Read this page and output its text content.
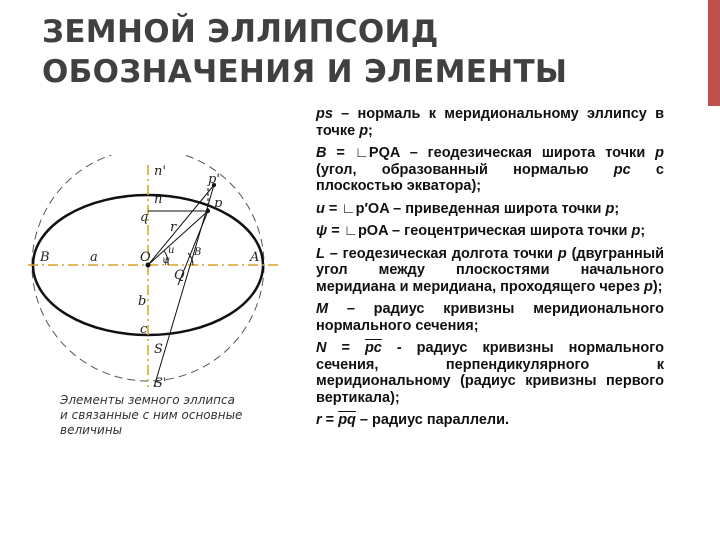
ЗЕМНОЙ ЭЛЛИПСОИД
ОБОЗНАЧЕНИЯ И ЭЛЕМЕНТЫ
n'
n
q
r
p'
p
B	a	O ψ
u B	A
Q
b
c
S
S'
Элементы земного эллипса
и связанные с ним основные величины
ps – нормаль к меридиональному эллипсу в точке p;
B = ∟PQA – геодезическая широта точки p (угол, образованный нормалью pc с плоскостью экватора);
u = ∟p′OA – приведенная широта точки p;
ψ = ∟pOA – геоцентрическая широта точки p;
L – геодезическая долгота точки p (двугранный угол между плоскостями начального меридиана и меридиана, проходящего через p);
M – радиус кривизны меридионального нормального сечения;
$N = \overline{pc}$ - радиус кривизны нормального сечения, перпендикулярного к меридиональному (радиус кривизны первого вертикала);
$r = \overline{pq}$ – радиус параллели.
